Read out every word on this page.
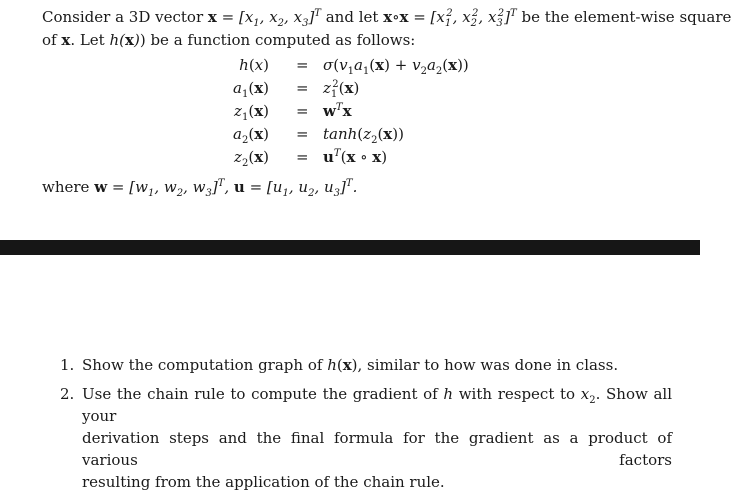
Consider a 3D vector $x = [x_1$, $x_2$, $x_3]^T$ and let x∘x = [$x_1^2$, $x_2^2$, $x_3^2]^T$ be the element-wise square
of x. Let h(x)) be a function computed as follows:
$h(x) = \sigma(v_1a_1(x) + v_2a_2(x))$
$a_1(x) = z_1^2(x)$
$z_1(x) = w^Tx$
$a_2(x) = \tanh(z_2(x))$
$z_2(x) = u^T(x$ ∘ x)
where $w = [w_1$, $w_2$, $w_3]^T$, $u = [u_1$, $u_2$, $u_3]^T$.
1. Show the computation graph of h(x), similar to how was done in class.
2. Use the chain rule to compute the gradient of h with respect to $x_2$. Show all your
derivation steps and the final formula for the gradient as a product of various factors
resulting from the application of the chain rule.
